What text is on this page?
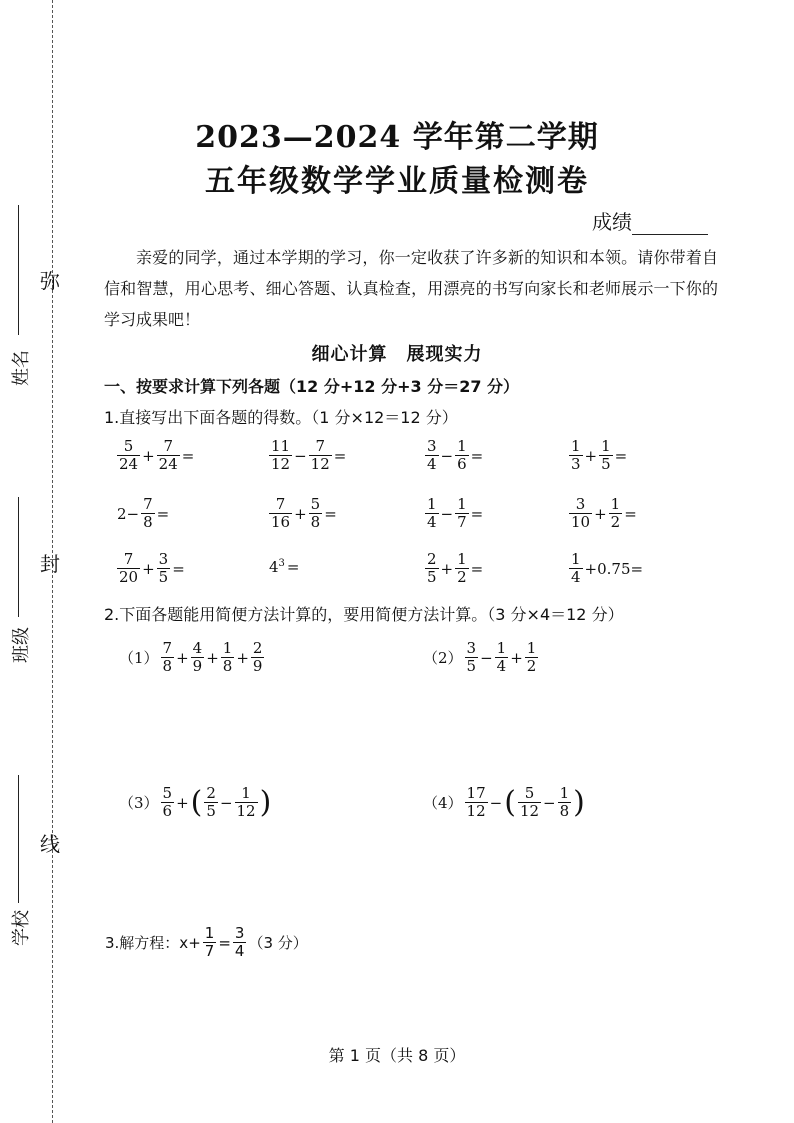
姓名
班级
学校
弥
封
线
2023—2024 学年第二学期
五年级数学学业质量检测卷
成绩
亲爱的同学，通过本学期的学习，你一定收获了许多新的知识和本领。请你带着自信和智慧，用心思考、细心答题、认真检查，用漂亮的书写向家长和老师展示一下你的学习成果吧！
细心计算　展现实力
一、按要求计算下列各题（12 分+12 分+3 分＝27 分）
1.直接写出下面各题的得数。（1 分×12＝12 分）
$\frac{5}{24} + \frac{7}{24}$ =	$\frac{11}{12} - \frac{7}{12}$ =	$\frac{3}{4} - \frac{1}{6}$ =	$\frac{1}{3} + \frac{1}{5}$ =
$2- \frac{7}{8}$ =	$\frac{7}{16} + \frac{5}{8}$ =	$\frac{1}{4} - \frac{1}{7}$ =	$\frac{3}{10} + \frac{1}{2}$ =
$\frac{7}{20} + \frac{3}{5}$ =	$4^3$ =	$\frac{2}{5} + \frac{1}{2}$ =	$\frac{1}{4} +0.75=$
2.下面各题能用简便方法计算的，要用简便方法计算。（3 分×4＝12 分）
$(1) \frac{7}{8} + \frac{4}{9} + \frac{1}{8} + \frac{2}{9}$	$(2) \frac{3}{5} - \frac{1}{4} + \frac{1}{2}$
$(3) \frac{5}{6}$ + ( $\frac{2}{5} - \frac{1}{12}$ )	$(4) \frac{17}{12}$ − ( $\frac{5}{12} - \frac{1}{8}$ )
3.解方程：$x+ \frac{1}{7} = \frac{3}{4} (3$ 分）
第 1 页（共 8 页）
